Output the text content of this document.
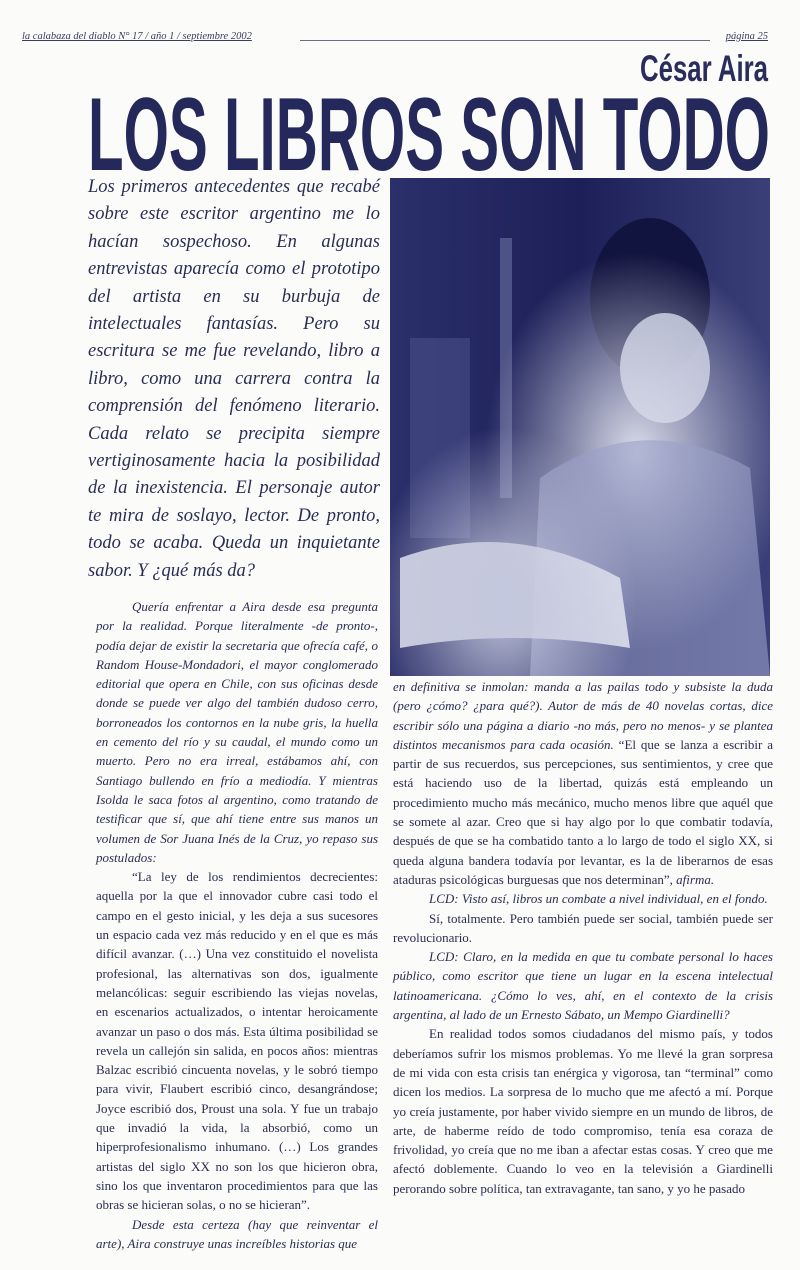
la calabaza del diablo N° 17 / año 1 / septiembre 2002	página 25
César Aira
LOS LIBROS SON TODO
Los primeros antecedentes que recabé sobre este escritor argentino me lo hacían sospechoso. En algunas entrevistas aparecía como el prototipo del artista en su burbuja de intelectuales fantasías. Pero su escritura se me fue revelando, libro a libro, como una carrera contra la comprensión del fenómeno literario. Cada relato se precipita siempre vertiginosamente hacia la posibilidad de la inexistencia. El personaje autor te mira de soslayo, lector. De pronto, todo se acaba. Queda un inquietante sabor. Y ¿qué más da?

Quería enfrentar a Aira desde esa pregunta por la realidad. Porque literalmente -de pronto-, podía dejar de existir la secretaria que ofrecía café, o Random House-Mondadori, el mayor conglomerado editorial que opera en Chile, con sus oficinas desde donde se puede ver algo del también dudoso cerro, borroneados los contornos en la nube gris, la huella en cemento del río y su caudal, el mundo como un muerto. Pero no era irreal, estábamos ahí, con Santiago bullendo en frío a mediodía. Y mientras Isolda le saca fotos al argentino, como tratando de testificar que sí, que ahí tiene entre sus manos un volumen de Sor Juana Inés de la Cruz, yo repaso sus postulados:

“La ley de los rendimientos decrecientes: aquella por la que el innovador cubre casi todo el campo en el gesto inicial, y les deja a sus sucesores un espacio cada vez más reducido y en el que es más difícil avanzar. (…) Una vez constituido el novelista profesional, las alternativas son dos, igualmente melancólicas: seguir escribiendo las viejas novelas, en escenarios actualizados, o intentar heroicamente avanzar un paso o dos más. Esta última posibilidad se revela un callejón sin salida, en pocos años: mientras Balzac escribió cincuenta novelas, y le sobró tiempo para vivir, Flaubert escribió cinco, desangrándose; Joyce escribió dos, Proust una sola. Y fue un trabajo que invadió la vida, la absorbió, como un hiperprofesionalismo inhumano. (…) Los grandes artistas del siglo XX no son los que hicieron obra, sino los que inventaron procedimientos para que las obras se hicieran solas, o no se hicieran”.

Desde esta certeza (hay que reinventar el arte), Aira construye unas increíbles historias que

en definitiva se inmolan: manda a las pailas todo y subsiste la duda (pero ¿cómo? ¿para qué?). Autor de más de 40 novelas cortas, dice escribir sólo una página a diario -no más, pero no menos- y se plantea distintos mecanismos para cada ocasión. “El que se lanza a escribir a partir de sus recuerdos, sus percepciones, sus sentimientos, y cree que está haciendo uso de la libertad, quizás está empleando un procedimiento mucho más mecánico, mucho menos libre que aquél que se somete al azar. Creo que si hay algo por lo que combatir todavía, después de que se ha combatido tanto a lo largo de todo el siglo XX, si queda alguna bandera todavía por levantar, es la de liberarnos de esas ataduras psicológicas burguesas que nos determinan”, afirma.

LCD: Visto así, libros un combate a nivel individual, en el fondo.

Sí, totalmente. Pero también puede ser social, también puede ser revolucionario.

LCD: Claro, en la medida en que tu combate personal lo haces público, como escritor que tiene un lugar en la escena intelectual latinoamericana. ¿Cómo lo ves, ahí, en el contexto de la crisis argentina, al lado de un Ernesto Sábato, un Mempo Giardinelli?

En realidad todos somos ciudadanos del mismo país, y todos deberíamos sufrir los mismos problemas. Yo me llevé la gran sorpresa de mi vida con esta crisis tan enérgica y vigorosa, tan “terminal” como dicen los medios. La sorpresa de lo mucho que me afectó a mí. Porque yo creía justamente, por haber vivido siempre en un mundo de libros, de arte, de haberme reído de todo compromiso, tenía esa coraza de frivolidad, yo creía que no me iban a afectar estas cosas. Y creo que me afectó doblemente. Cuando lo veo en la televisión a Giardinelli perorando sobre política, tan extravagante, tan sano, y yo he pasado
